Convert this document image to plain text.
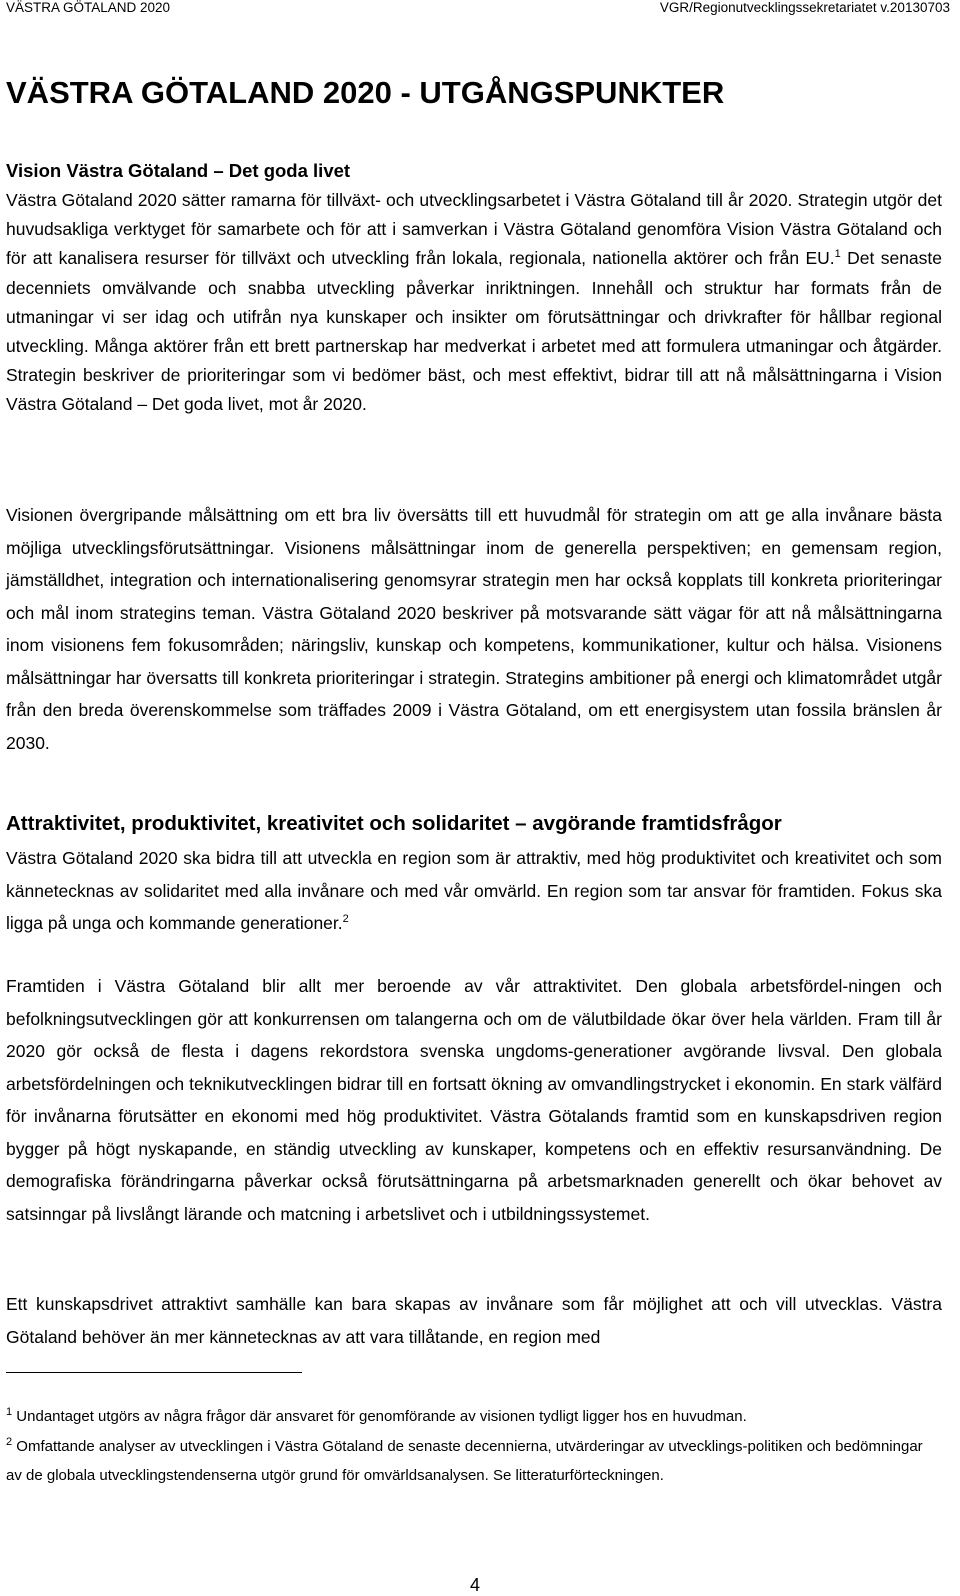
VÄSTRA GÖTALAND 2020	VGR/Regionutvecklingssekretariatet v.20130703
VÄSTRA GÖTALAND 2020 - UTGÅNGSPUNKTER
Vision Västra Götaland – Det goda livet

Västra Götaland 2020 sätter ramarna för tillväxt- och utvecklingsarbetet i Västra Götaland till år 2020. Strategin utgör det huvudsakliga verktyget för samarbete och för att i samverkan i Västra Götaland genomföra Vision Västra Götaland och för att kanalisera resurser för tillväxt och utveckling från lokala, regionala, nationella aktörer och från EU.$^1$ Det senaste decenniets omvälvande och snabba utveckling påverkar inriktningen. Innehåll och struktur har formats från de utmaningar vi ser idag och utifrån nya kunskaper och insikter om förutsättningar och drivkrafter för hållbar regional utveckling. Många aktörer från ett brett partnerskap har medverkat i arbetet med att formulera utmaningar och åtgärder. Strategin beskriver de prioriteringar som vi bedömer bäst, och mest effektivt, bidrar till att nå målsättningarna i Vision Västra Götaland – Det goda livet, mot år 2020.

Visionen övergripande målsättning om ett bra liv översätts till ett huvudmål för strategin om att ge alla invånare bästa möjliga utvecklingsförutsättningar. Visionens målsättningar inom de generella perspektiven; en gemensam region, jämställdhet, integration och internationalisering genomsyrar strategin men har också kopplats till konkreta prioriteringar och mål inom strategins teman. Västra Götaland 2020 beskriver på motsvarande sätt vägar för att nå målsättningarna inom visionens fem fokusområden; näringsliv, kunskap och kompetens, kommunikationer, kultur och hälsa. Visionens målsättningar har översatts till konkreta prioriteringar i strategin. Strategins ambitioner på energi och klimatområdet utgår från den breda överenskommelse som träffades 2009 i Västra Götaland, om ett energisystem utan fossila bränslen år 2030.

Attraktivitet, produktivitet, kreativitet och solidaritet – avgörande framtidsfrågor

Västra Götaland 2020 ska bidra till att utveckla en region som är attraktiv, med hög produktivitet och kreativitet och som kännetecknas av solidaritet med alla invånare och med vår omvärld. En region som tar ansvar för framtiden. Fokus ska ligga på unga och kommande generationer.$^2$

Framtiden i Västra Götaland blir allt mer beroende av vår attraktivitet. Den globala arbetsfördel-ningen och befolkningsutvecklingen gör att konkurrensen om talangerna och om de välutbildade ökar över hela världen. Fram till år 2020 gör också de flesta i dagens rekordstora svenska ungdoms-generationer avgörande livsval. Den globala arbetsfördelningen och teknikutvecklingen bidrar till en fortsatt ökning av omvandlingstrycket i ekonomin. En stark välfärd för invånarna förutsätter en ekonomi med hög produktivitet. Västra Götalands framtid som en kunskapsdriven region bygger på högt nyskapande, en ständig utveckling av kunskaper, kompetens och en effektiv resursanvändning. De demografiska förändringarna påverkar också förutsättningarna på arbetsmarknaden generellt och ökar behovet av satsinngar på livslångt lärande och matcning i arbetslivet och i utbildningssystemet.

Ett kunskapsdrivet attraktivt samhälle kan bara skapas av invånare som får möjlighet att och vill utvecklas. Västra Götaland behöver än mer kännetecknas av att vara tillåtande, en region med

$^1$ Undantaget utgörs av några frågor där ansvaret för genomförande av visionen tydligt ligger hos en huvudman.

$^2$ Omfattande analyser av utvecklingen i Västra Götaland de senaste decennierna, utvärderingar av utvecklings-politiken och bedömningar av de globala utvecklingstendenserna utgör grund för omvärldsanalysen. Se litteraturförteckningen.

4
